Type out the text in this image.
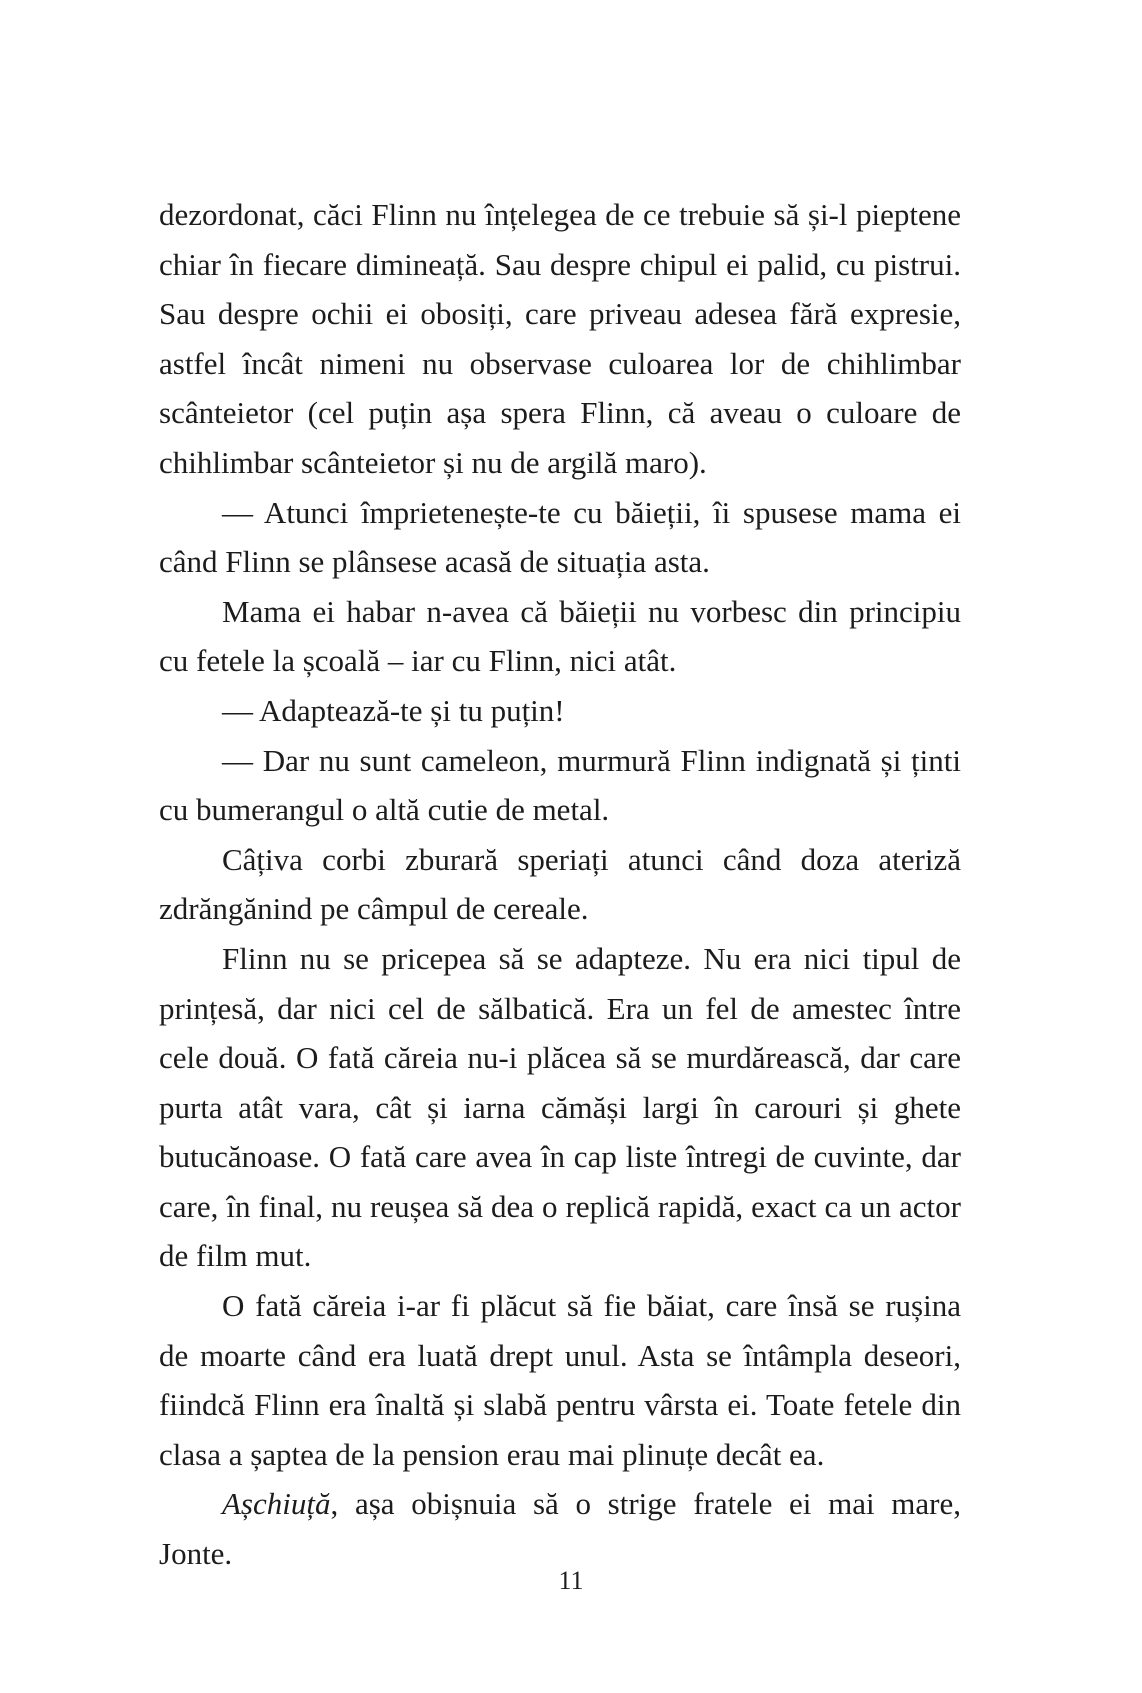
dezordonat, căci Flinn nu înțelegea de ce trebuie să și-l pieptene chiar în fiecare dimineață. Sau despre chipul ei palid, cu pistrui. Sau despre ochii ei obosiți, care priveau adesea fără expresie, astfel încât nimeni nu observase culoarea lor de chihlimbar scânteietor (cel puțin așa spera Flinn, că aveau o culoare de chihlimbar scânteietor și nu de argilă maro).

— Atunci împrietenește-te cu băieții, îi spusese mama ei când Flinn se plânsese acasă de situația asta.

Mama ei habar n-avea că băieții nu vorbesc din principiu cu fetele la școală – iar cu Flinn, nici atât.

— Adaptează-te și tu puțin!

— Dar nu sunt cameleon, murmură Flinn indignată și ținti cu bumerangul o altă cutie de metal.

Câțiva corbi zburară speriați atunci când doza ateriză zdrăngănind pe câmpul de cereale.

Flinn nu se pricepea să se adapteze. Nu era nici tipul de prințesă, dar nici cel de sălbatică. Era un fel de amestec între cele două. O fată căreia nu-i plăcea să se murdărească, dar care purta atât vara, cât și iarna cămăși largi în carouri și ghete butucănoase. O fată care avea în cap liste întregi de cuvinte, dar care, în final, nu reușea să dea o replică rapidă, exact ca un actor de film mut.

O fată căreia i-ar fi plăcut să fie băiat, care însă se rușina de moarte când era luată drept unul. Asta se întâmpla deseori, fiindcă Flinn era înaltă și slabă pentru vârsta ei. Toate fetele din clasa a șaptea de la pension erau mai plinuțe decât ea.

Așchiuță, așa obișnuia să o strige fratele ei mai mare, Jonte.

11
